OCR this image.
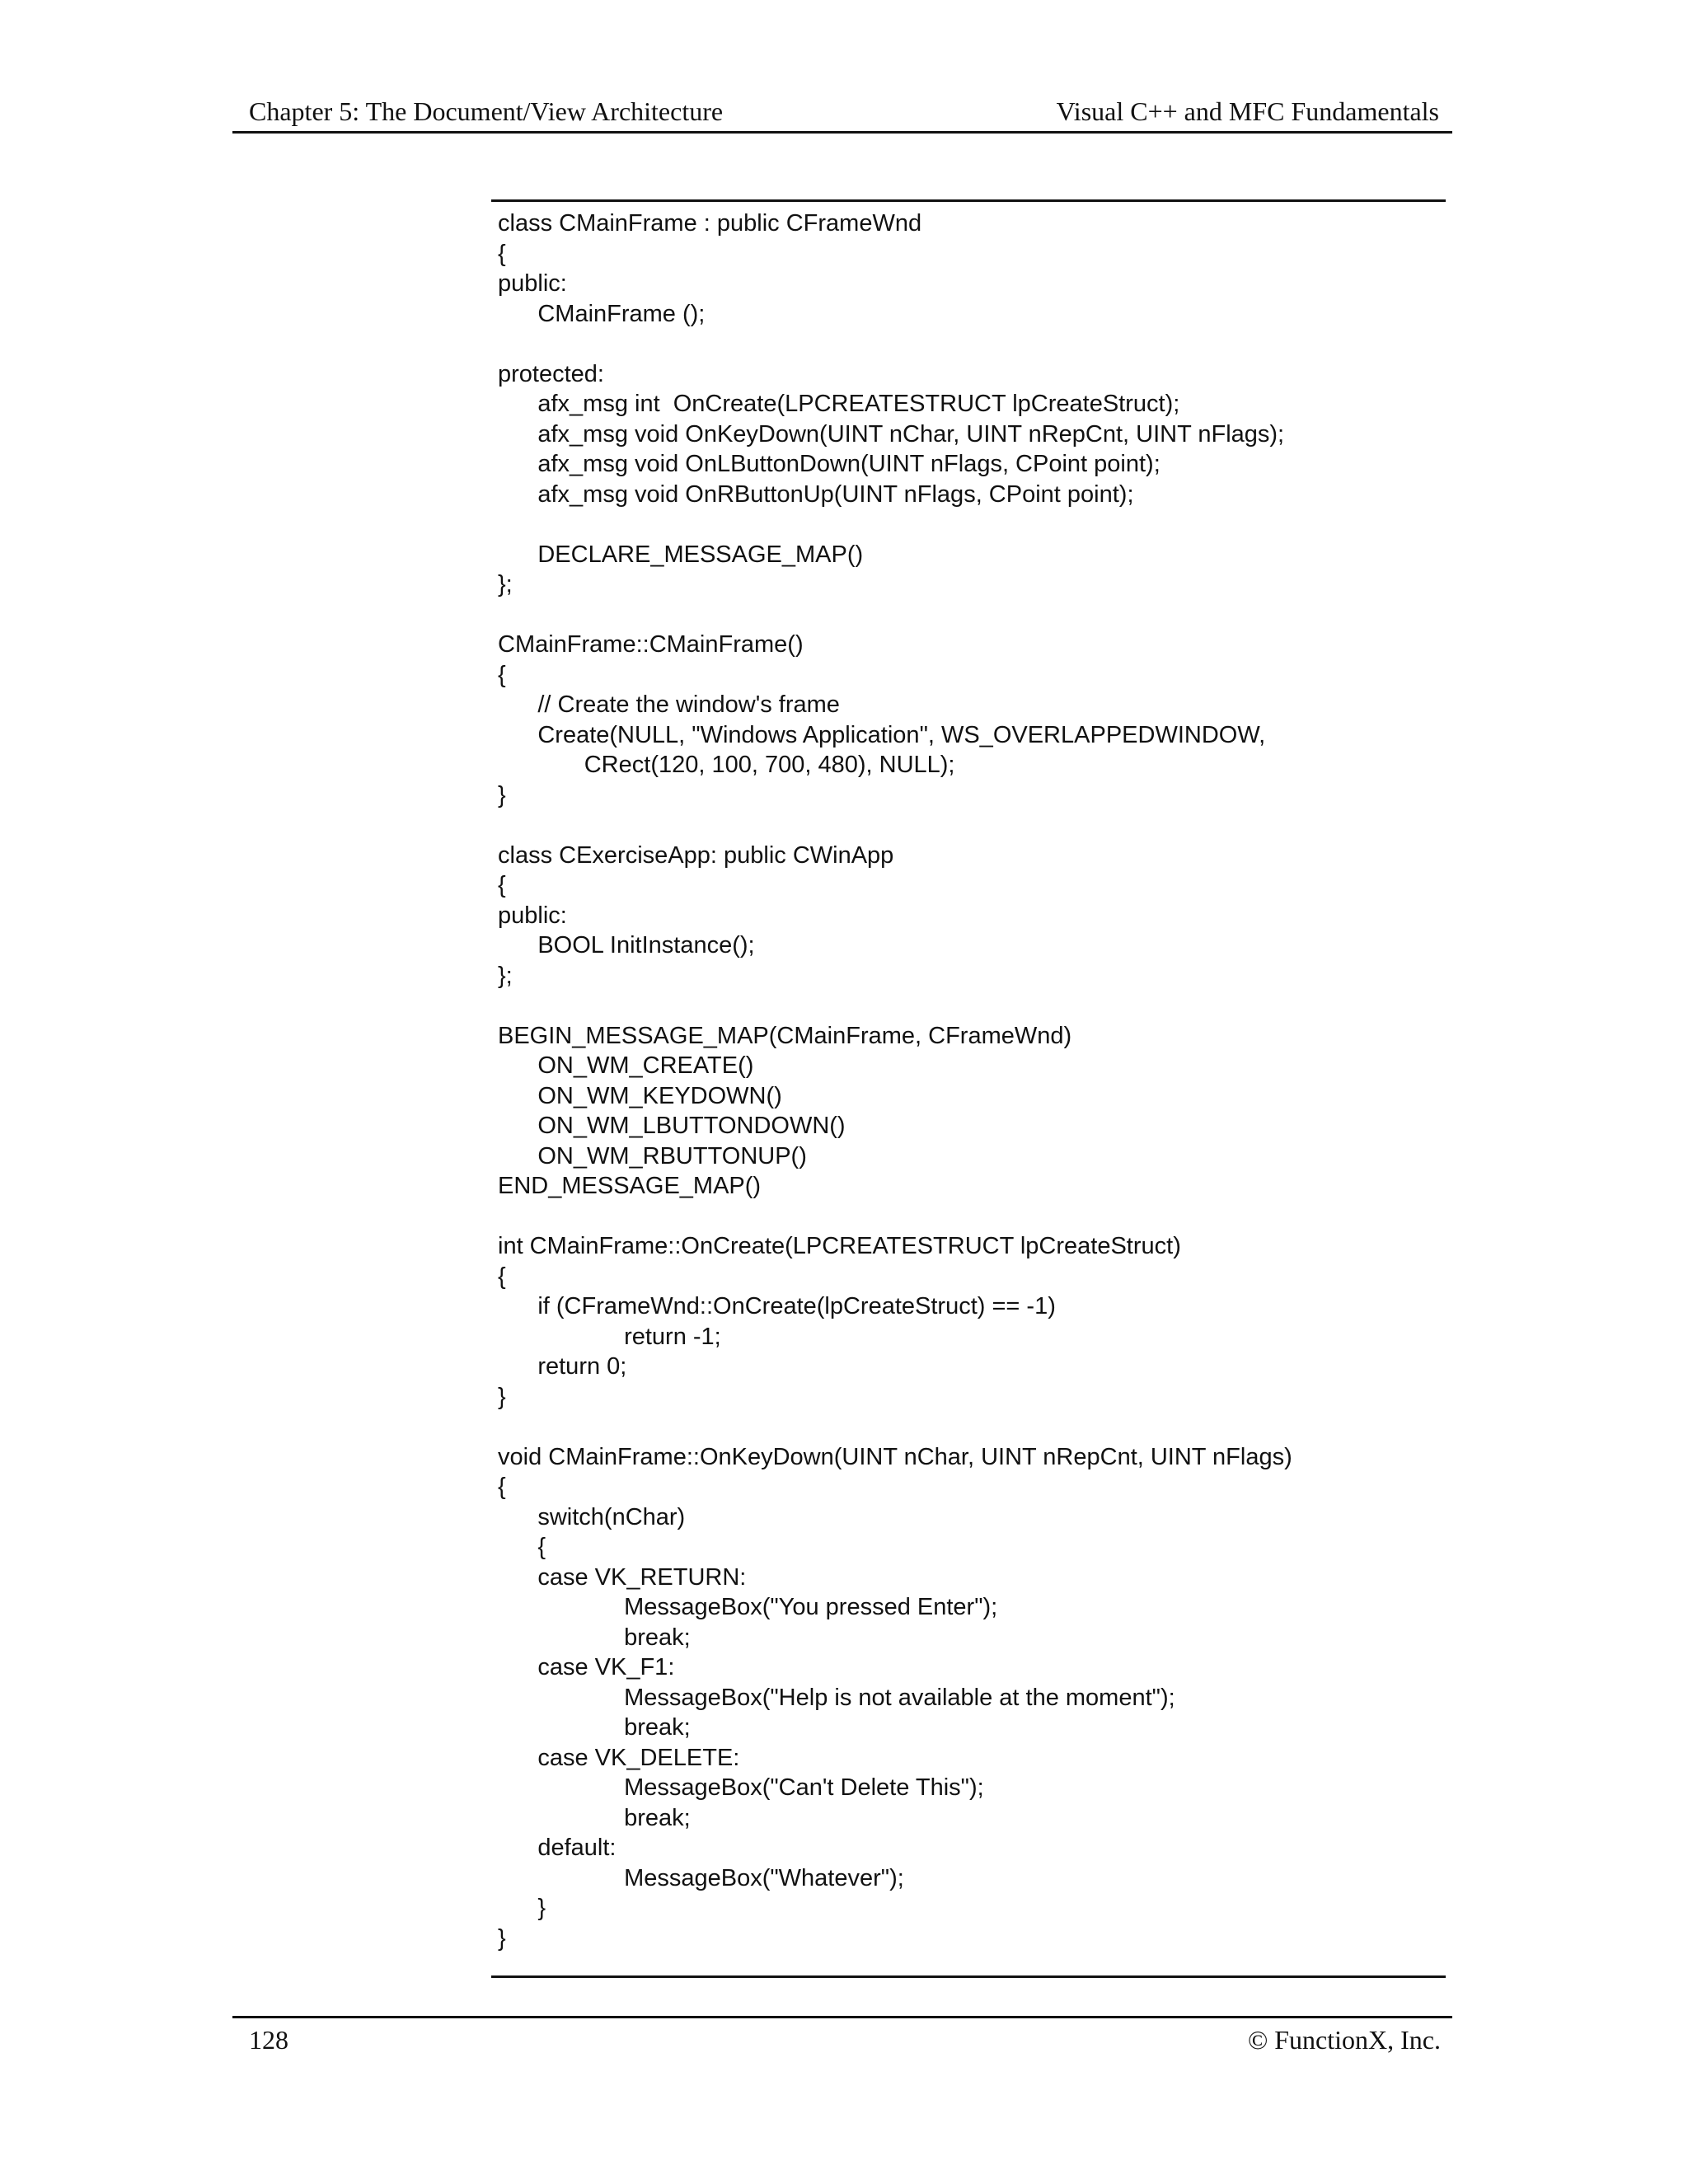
Chapter 5: The Document/View Architecture	Visual C++ and MFC Fundamentals
class CMainFrame : public CFrameWnd
{
public:
CMainFrame ();
protected:
afx_msg int  OnCreate(LPCREATESTRUCT lpCreateStruct);
afx_msg void OnKeyDown(UINT nChar, UINT nRepCnt, UINT nFlags);
afx_msg void OnLButtonDown(UINT nFlags, CPoint point);
afx_msg void OnRButtonUp(UINT nFlags, CPoint point);
DECLARE_MESSAGE_MAP()
};
CMainFrame::CMainFrame()
{
// Create the window's frame
Create(NULL, "Windows Application", WS_OVERLAPPEDWINDOW,
CRect(120, 100, 700, 480), NULL);
}
class CExerciseApp: public CWinApp
{
public:
BOOL InitInstance();
};
BEGIN_MESSAGE_MAP(CMainFrame, CFrameWnd)
ON_WM_CREATE()
ON_WM_KEYDOWN()
ON_WM_LBUTTONDOWN()
ON_WM_RBUTTONUP()
END_MESSAGE_MAP()
int CMainFrame::OnCreate(LPCREATESTRUCT lpCreateStruct)
{
if (CFrameWnd::OnCreate(lpCreateStruct) == -1)
return -1;
return 0;
}
void CMainFrame::OnKeyDown(UINT nChar, UINT nRepCnt, UINT nFlags)
{
switch(nChar)
{
case VK_RETURN:
MessageBox("You pressed Enter");
break;
case VK_F1:
MessageBox("Help is not available at the moment");
break;
case VK_DELETE:
MessageBox("Can't Delete This");
break;
default:
MessageBox("Whatever");
}
}
128	© FunctionX, Inc.
